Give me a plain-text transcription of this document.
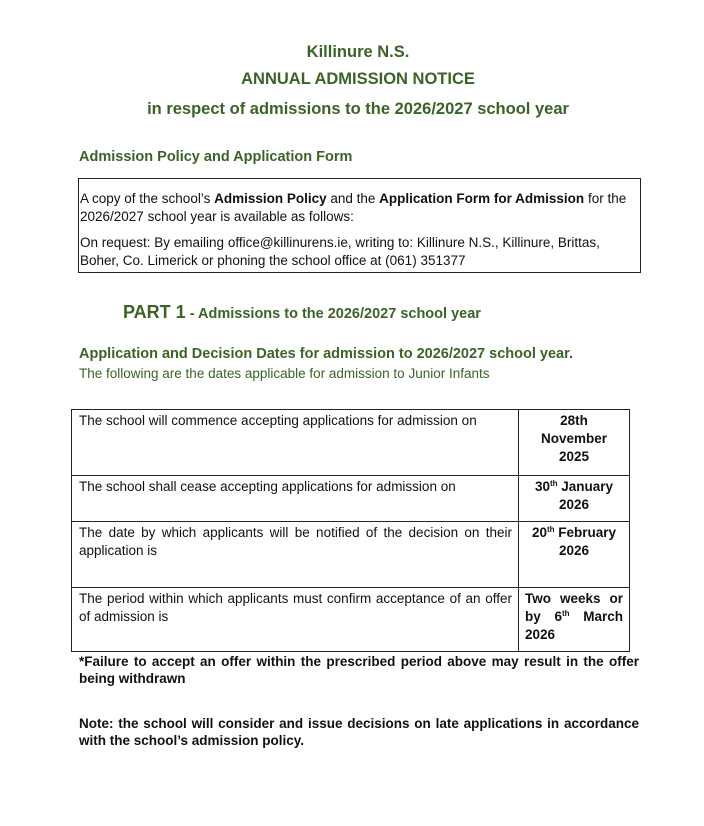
Killinure N.S.
ANNUAL ADMISSION NOTICE
in respect of admissions to the 2026/2027 school year
Admission Policy and Application Form

A copy of the school’s Admission Policy and the Application Form for Admission for the 2026/2027 school year is available as follows:

On request: By emailing office@killinurens.ie, writing to: Killinure N.S., Killinure, Brittas, Boher, Co. Limerick or phoning the school office at (061) 351377

PART 1 - Admissions to the 2026/2027 school year
Application and Decision Dates for admission to 2026/2027 school year.
The following are the dates applicable for admission to Junior Infants
The school will commence accepting applications for admission on	28th
November 2025
The school shall cease accepting applications for admission on	30th January 2026
The date by which applicants will be notified of the decision on their application is	20th February 2026
The period within which applicants must confirm acceptance of an offer of admission is	Two weeks or by 6th March
2026
*Failure to accept an offer within the prescribed period above may result in the offer being withdrawn
Note: the school will consider and issue decisions on late applications in accordance with the school’s admission policy.
